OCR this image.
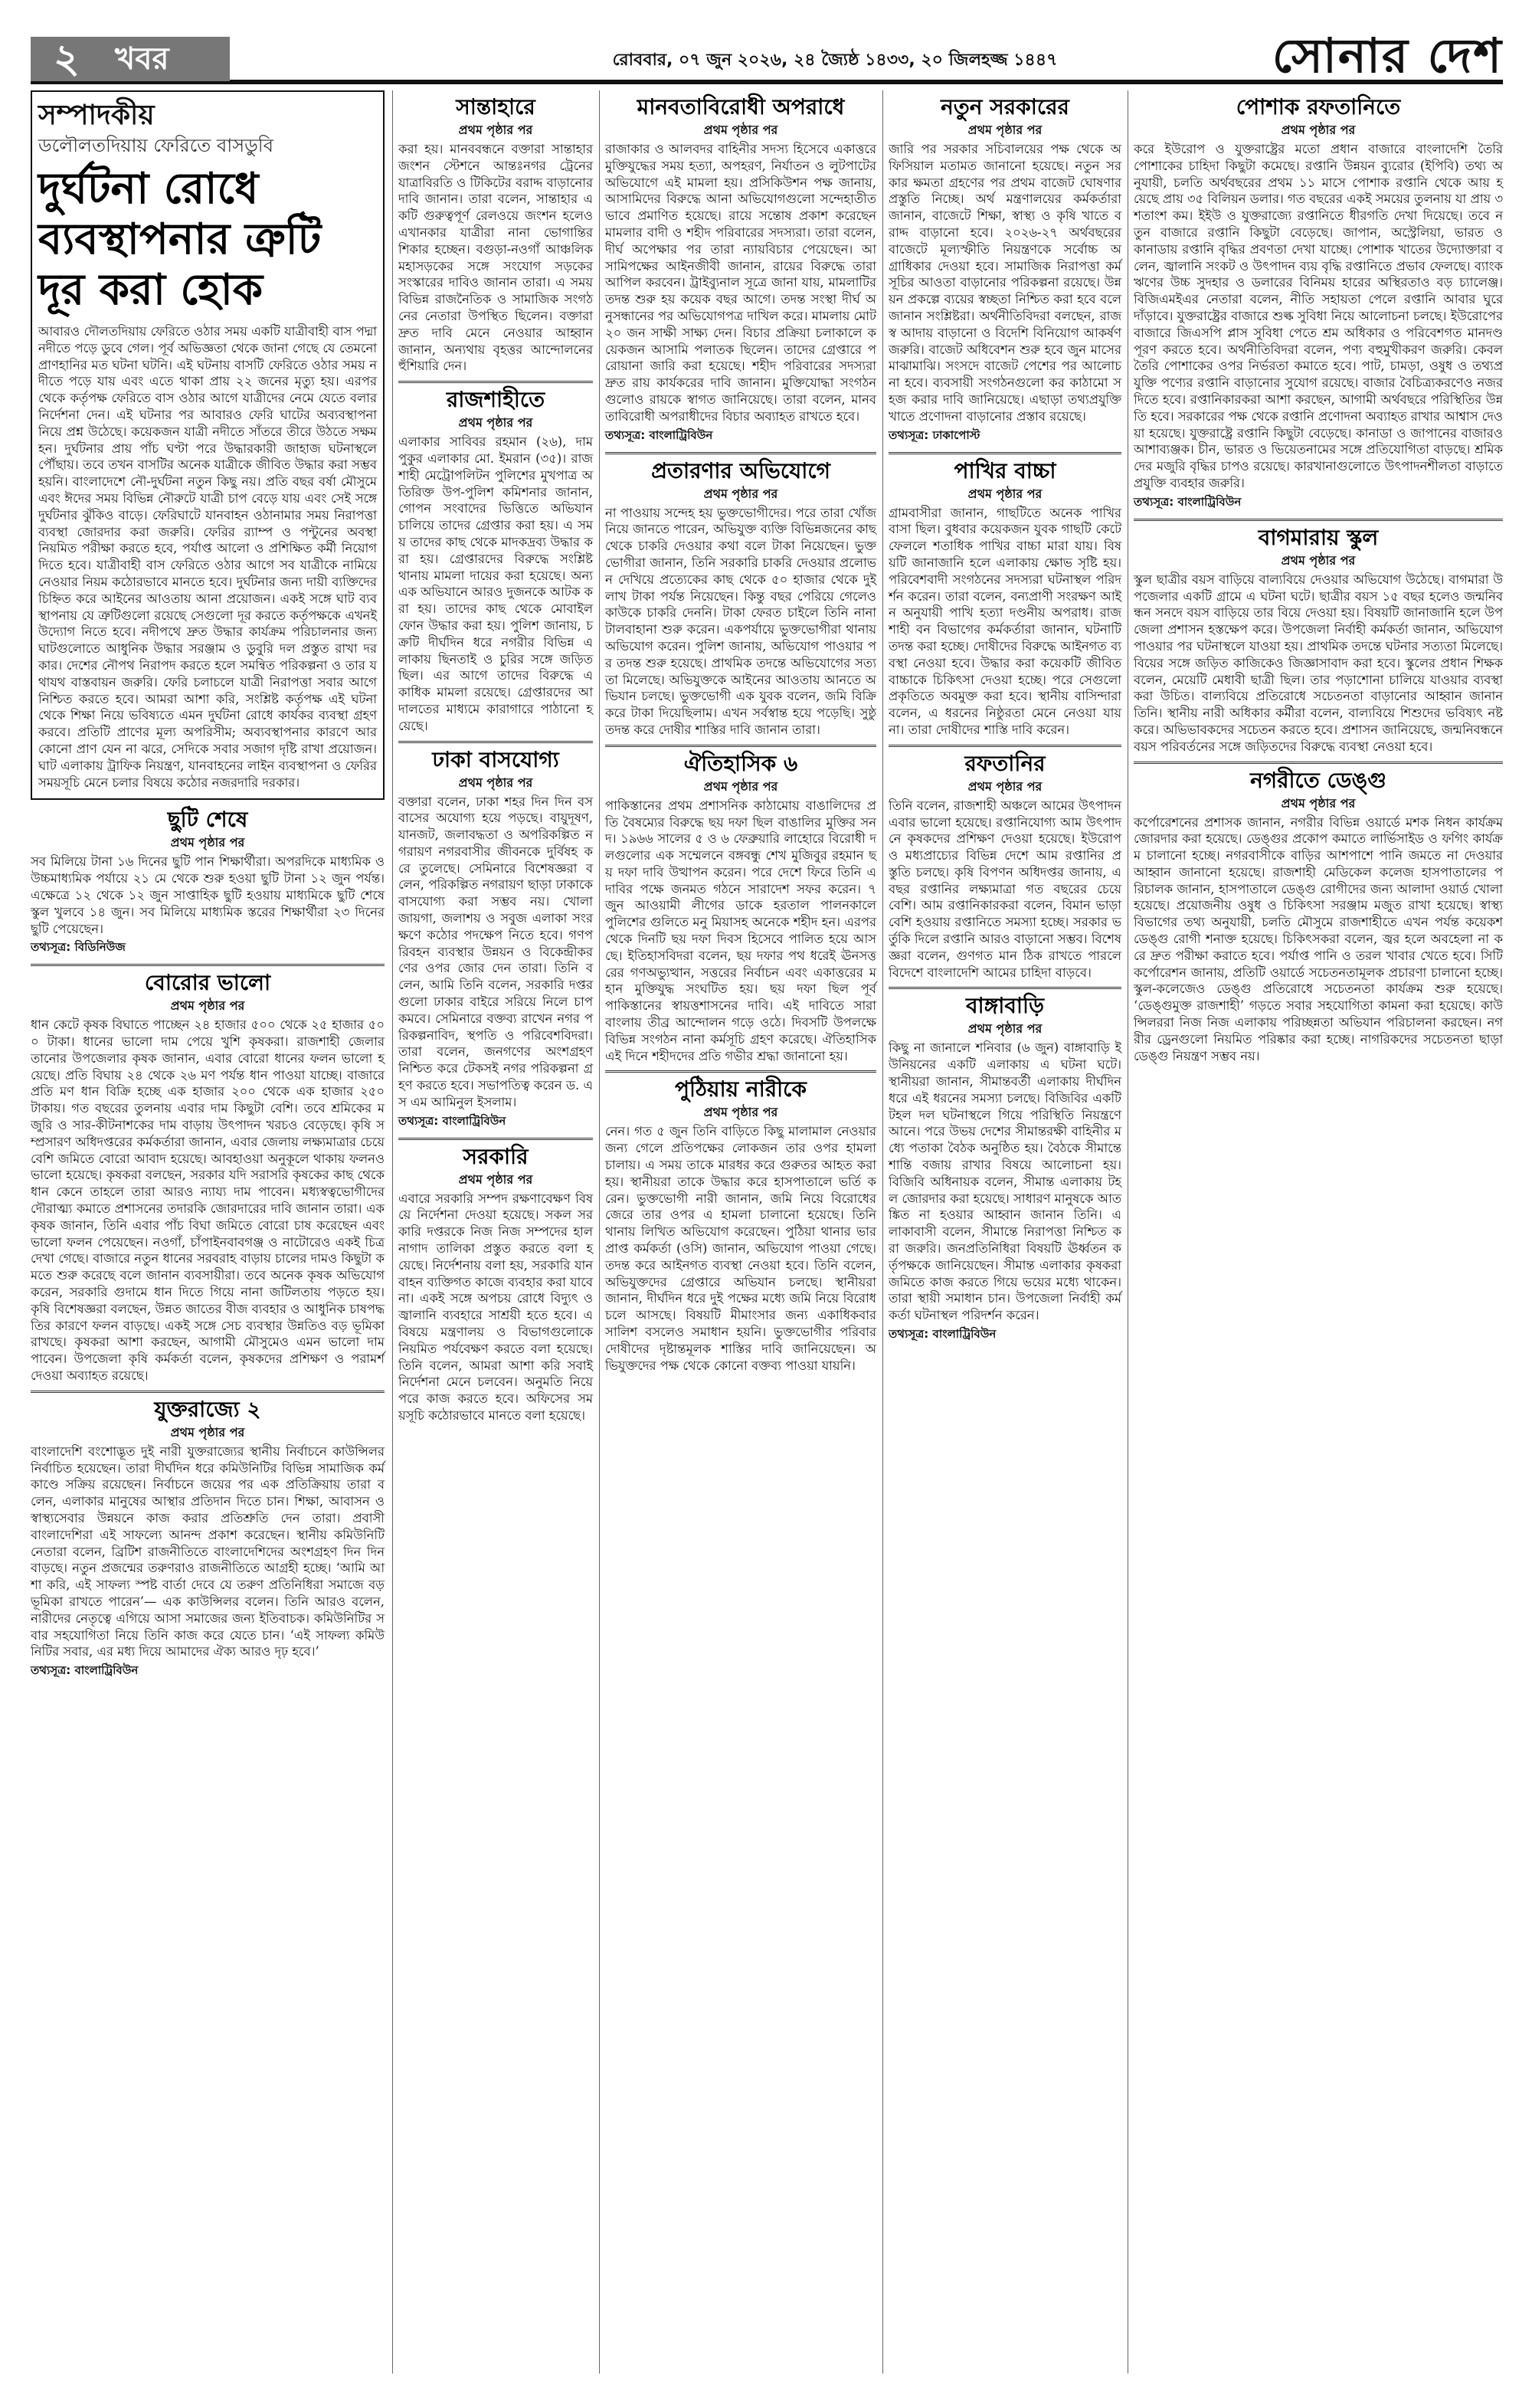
২ খবর	রোববার, ০৭ জুন ২০২৬, ২৪ জ্যৈষ্ঠ ১৪৩৩, ২০ জিলহজ্জ ১৪৪৭	সোনার দেশ
সম্পাদকীয়
ডলৌলতদিয়ায় ফেরিতে বাসডুবি
দুর্ঘটনা রোধে ব্যবস্থাপনার ত্রুটি দূর করা হোক
আবারও দৌলতদিয়ায় ফেরিতে ওঠার সময় একটি যাত্রীবাহী বাস পদ্মা নদীতে পড়ে ডুবে গেল। পূর্ব অভিজ্ঞতা থেকে জানা গেছে যে তেমনো প্রাণহানির মত ঘটনা ঘটনি। এই ঘটনায় বাসটি ফেরিতে ওঠার সময় নদীতে পড়ে যায় এবং এতে থাকা প্রায় ২২ জনের মৃত্যু হয়। এরপর থেকে কর্তৃপক্ষ ফেরিতে বাস ওঠার আগে যাত্রীদের নেমে যেতে বলার নির্দেশনা দেন। এই ঘটনার পর আবারও ফেরি ঘাটের অব্যবস্থাপনা নিয়ে প্রশ্ন উঠেছে। কয়েকজন যাত্রী নদীতে সাঁতরে তীরে উঠতে সক্ষম হন। দুর্ঘটনার প্রায় পাঁচ ঘণ্টা পরে উদ্ধারকারী জাহাজ ঘটনাস্থলে পৌঁছায়। তবে তখন বাসটির অনেক যাত্রীকে জীবিত উদ্ধার করা সম্ভব হয়নি। বাংলাদেশে নৌ-দুর্ঘটনা নতুন কিছু নয়। প্রতি বছর বর্ষা মৌসুমে এবং ঈদের সময় বিভিন্ন নৌরুটে যাত্রী চাপ বেড়ে যায় এবং সেই সঙ্গে দুর্ঘটনার ঝুঁকিও বাড়ে। ফেরিঘাটে যানবাহন ওঠানামার সময় নিরাপত্তা ব্যবস্থা জোরদার করা জরুরি। ফেরির র‍্যাম্প ও পন্টুনের অবস্থা নিয়মিত পরীক্ষা করতে হবে, পর্যাপ্ত আলো ও প্রশিক্ষিত কর্মী নিয়োগ দিতে হবে। যাত্রীবাহী বাস ফেরিতে ওঠার আগে সব যাত্রীকে নামিয়ে নেওয়ার নিয়ম কঠোরভাবে মানতে হবে। দুর্ঘটনার জন্য দায়ী ব্যক্তিদের চিহ্নিত করে আইনের আওতায় আনা প্রয়োজন। একই সঙ্গে ঘাট ব্যবস্থাপনায় যে ত্রুটিগুলো রয়েছে সেগুলো দূর করতে কর্তৃপক্ষকে এখনই উদ্যোগ নিতে হবে। নদীপথে দ্রুত উদ্ধার কার্যক্রম পরিচালনার জন্য ঘাটগুলোতে আধুনিক উদ্ধার সরঞ্জাম ও ডুবুরি দল প্রস্তুত রাখা দরকার। দেশের নৌপথ নিরাপদ করতে হলে সমন্বিত পরিকল্পনা ও তার যথাযথ বাস্তবায়ন জরুরি। ফেরি চলাচলে যাত্রী নিরাপত্তা সবার আগে নিশ্চিত করতে হবে। আমরা আশা করি, সংশ্লিষ্ট কর্তৃপক্ষ এই ঘটনা থেকে শিক্ষা নিয়ে ভবিষ্যতে এমন দুর্ঘটনা রোধে কার্যকর ব্যবস্থা গ্রহণ করবে। প্রতিটি প্রাণের মূল্য অপরিসীম; অব্যবস্থাপনার কারণে আর কোনো প্রাণ যেন না ঝরে, সেদিকে সবার সজাগ দৃষ্টি রাখা প্রয়োজন। ঘাট এলাকায় ট্রাফিক নিয়ন্ত্রণ, যানবাহনের লাইন ব্যবস্থাপনা ও ফেরির সময়সূচি মেনে চলার বিষয়ে কঠোর নজরদারি দরকার।
ছুটি শেষে
প্রথম পৃষ্ঠার পর
সব মিলিয়ে টানা ১৬ দিনের ছুটি পান শিক্ষার্থীরা। অপরদিকে মাধ্যমিক ও উচ্চমাধ্যমিক পর্যায়ে ২১ মে থেকে শুরু হওয়া ছুটি টানা ১২ জুন পর্যন্ত। এক্ষেত্রে ১২ থেকে ১২ জুন সাপ্তাহিক ছুটি হওয়ায় মাধ্যমিকে ছুটি শেষে স্কুল খুলবে ১৪ জুন। সব মিলিয়ে মাধ্যমিক স্তরের শিক্ষার্থীরা ২৩ দিনের ছুটি পেয়েছেন।
তথ্যসূত্র: বিডিনিউজ
বোরোর ভালো
প্রথম পৃষ্ঠার পর
ধান কেটে কৃষক বিঘাতে পাচ্ছেন ২৪ হাজার ৫০০ থেকে ২৫ হাজার ৫০০ টাকা। ধানের ভালো দাম পেয়ে খুশি কৃষকরা। রাজশাহী জেলার তানোর উপজেলার কৃষক জানান, এবার বোরো ধানের ফলন ভালো হয়েছে। প্রতি বিঘায় ২৪ থেকে ২৬ মণ পর্যন্ত ধান পাওয়া যাচ্ছে। বাজারে প্রতি মণ ধান বিক্রি হচ্ছে এক হাজার ২০০ থেকে এক হাজার ২৫০ টাকায়। গত বছরের তুলনায় এবার দাম কিছুটা বেশি। তবে শ্রমিকের মজুরি ও সার-কীটনাশকের দাম বাড়ায় উৎপাদন খরচও বেড়েছে। কৃষি সম্প্রসারণ অধিদপ্তরের কর্মকর্তারা জানান, এবার জেলায় লক্ষ্যমাত্রার চেয়ে বেশি জমিতে বোরো আবাদ হয়েছে। আবহাওয়া অনুকূলে থাকায় ফলনও ভালো হয়েছে। কৃষকরা বলছেন, সরকার যদি সরাসরি কৃষকের কাছ থেকে ধান কেনে তাহলে তারা আরও ন্যায্য দাম পাবেন। মধ্যস্বত্বভোগীদের দৌরাত্ম্য কমাতে প্রশাসনের তদারকি জোরদারের দাবি জানান তারা। এক কৃষক জানান, তিনি এবার পাঁচ বিঘা জমিতে বোরো চাষ করেছেন এবং ভালো ফলন পেয়েছেন। নওগাঁ, চাঁপাইনবাবগঞ্জ ও নাটোরেও একই চিত্র দেখা গেছে। বাজারে নতুন ধানের সরবরাহ বাড়ায় চালের দামও কিছুটা কমতে শুরু করেছে বলে জানান ব্যবসায়ীরা। তবে অনেক কৃষক অভিযোগ করেন, সরকারি গুদামে ধান দিতে গিয়ে নানা জটিলতায় পড়তে হয়। কৃষি বিশেষজ্ঞরা বলছেন, উন্নত জাতের বীজ ব্যবহার ও আধুনিক চাষপদ্ধতির কারণে ফলন বাড়ছে। একই সঙ্গে সেচ ব্যবস্থার উন্নতিও বড় ভূমিকা রাখছে। কৃষকরা আশা করছেন, আগামী মৌসুমেও এমন ভালো দাম পাবেন। উপজেলা কৃষি কর্মকর্তা বলেন, কৃষকদের প্রশিক্ষণ ও পরামর্শ দেওয়া অব্যাহত রয়েছে।
যুক্তরাজ্যে ২
প্রথম পৃষ্ঠার পর
বাংলাদেশি বংশোদ্ভূত দুই নারী যুক্তরাজ্যের স্থানীয় নির্বাচনে কাউন্সিলর নির্বাচিত হয়েছেন। তারা দীর্ঘদিন ধরে কমিউনিটির বিভিন্ন সামাজিক কর্মকাণ্ডে সক্রিয় রয়েছেন। নির্বাচনে জয়ের পর এক প্রতিক্রিয়ায় তারা বলেন, এলাকার মানুষের আস্থার প্রতিদান দিতে চান। শিক্ষা, আবাসন ও স্বাস্থ্যসেবার উন্নয়নে কাজ করার প্রতিশ্রুতি দেন তারা। প্রবাসী বাংলাদেশিরা এই সাফল্যে আনন্দ প্রকাশ করেছেন। স্থানীয় কমিউনিটি নেতারা বলেন, ব্রিটিশ রাজনীতিতে বাংলাদেশিদের অংশগ্রহণ দিন দিন বাড়ছে। নতুন প্রজন্মের তরুণরাও রাজনীতিতে আগ্রহী হচ্ছে। ‘আমি আশা করি, এই সাফল্য স্পষ্ট বার্তা দেবে যে তরুণ প্রতিনিধিরা সমাজে বড় ভূমিকা রাখতে পারেন’— এক কাউন্সিলর বলেন। তিনি আরও বলেন, নারীদের নেতৃত্বে এগিয়ে আসা সমাজের জন্য ইতিবাচক। কমিউনিটির সবার সহযোগিতা নিয়ে তিনি কাজ করে যেতে চান। ‘এই সাফল্য কমিউনিটির সবার, এর মধ্য দিয়ে আমাদের ঐক্য আরও দৃঢ় হবে।’
তথ্যসূত্র: বাংলাট্রিবিউন
সান্তাহারে
প্রথম পৃষ্ঠার পর
করা হয়। মানববন্ধনে বক্তারা সান্তাহার জংশন স্টেশনে আন্তঃনগর ট্রেনের যাত্রাবিরতি ও টিকিটের বরাদ্দ বাড়ানোর দাবি জানান। তারা বলেন, সান্তাহার একটি গুরুত্বপূর্ণ রেলওয়ে জংশন হলেও এখানকার যাত্রীরা নানা ভোগান্তির শিকার হচ্ছেন। বগুড়া-নওগাঁ আঞ্চলিক মহাসড়কের সঙ্গে সংযোগ সড়কের সংস্কারের দাবিও জানান তারা। এ সময় বিভিন্ন রাজনৈতিক ও সামাজিক সংগঠনের নেতারা উপস্থিত ছিলেন। বক্তারা দ্রুত দাবি মেনে নেওয়ার আহ্বান জানান, অন্যথায় বৃহত্তর আন্দোলনের হুঁশিয়ারি দেন।
রাজশাহীতে
প্রথম পৃষ্ঠার পর
এলাকার সাবিবর রহমান (২৬), দামপুকুর এলাকার মো. ইমরান (৩৫)। রাজশাহী মেট্রোপলিটন পুলিশের মুখপাত্র অতিরিক্ত উপ-পুলিশ কমিশনার জানান, গোপন সংবাদের ভিত্তিতে অভিযান চালিয়ে তাদের গ্রেপ্তার করা হয়। এ সময় তাদের কাছ থেকে মাদকদ্রব্য উদ্ধার করা হয়। গ্রেপ্তারদের বিরুদ্ধে সংশ্লিষ্ট থানায় মামলা দায়ের করা হয়েছে। অন্য এক অভিযানে আরও দুজনকে আটক করা হয়। তাদের কাছ থেকে মোবাইল ফোন উদ্ধার করা হয়। পুলিশ জানায়, চক্রটি দীর্ঘদিন ধরে নগরীর বিভিন্ন এলাকায় ছিনতাই ও চুরির সঙ্গে জড়িত ছিল। এর আগে তাদের বিরুদ্ধে একাধিক মামলা রয়েছে। গ্রেপ্তারদের আদালতের মাধ্যমে কারাগারে পাঠানো হয়েছে।
ঢাকা বাসযোগ্য
প্রথম পৃষ্ঠার পর
বক্তারা বলেন, ঢাকা শহর দিন দিন বসবাসের অযোগ্য হয়ে পড়ছে। বায়ুদূষণ, যানজট, জলাবদ্ধতা ও অপরিকল্পিত নগরায়ণ নগরবাসীর জীবনকে দুর্বিষহ করে তুলেছে। সেমিনারে বিশেষজ্ঞরা বলেন, পরিকল্পিত নগরায়ণ ছাড়া ঢাকাকে বাসযোগ্য করা সম্ভব নয়। খোলা জায়গা, জলাশয় ও সবুজ এলাকা সংরক্ষণে কঠোর পদক্ষেপ নিতে হবে। গণপরিবহন ব্যবস্থার উন্নয়ন ও বিকেন্দ্রীকরণের ওপর জোর দেন তারা। তিনি বলেন, আমি তিনি বলেন, সরকারি দপ্তরগুলো ঢাকার বাইরে সরিয়ে নিলে চাপ কমবে। সেমিনারে বক্তব্য রাখেন নগর পরিকল্পনাবিদ, স্থপতি ও পরিবেশবিদরা। তারা বলেন, জনগণের অংশগ্রহণ নিশ্চিত করে টেকসই নগর পরিকল্পনা গ্রহণ করতে হবে। সভাপতিত্ব করেন ড. এস এম আমিনুল ইসলাম।
তথ্যসূত্র: বাংলাট্রিবিউন
সরকারি
প্রথম পৃষ্ঠার পর
এবারে সরকারি সম্পদ রক্ষণাবেক্ষণ বিষয়ে নির্দেশনা দেওয়া হয়েছে। সকল সরকারি দপ্তরকে নিজ নিজ সম্পদের হালনাগাদ তালিকা প্রস্তুত করতে বলা হয়েছে। নির্দেশনায় বলা হয়, সরকারি যানবাহন ব্যক্তিগত কাজে ব্যবহার করা যাবে না। একই সঙ্গে অপচয় রোধে বিদ্যুৎ ও জ্বালানি ব্যবহারে সাশ্রয়ী হতে হবে। এ বিষয়ে মন্ত্রণালয় ও বিভাগগুলোকে নিয়মিত পর্যবেক্ষণ করতে বলা হয়েছে। তিনি বলেন, আমরা আশা করি সবাই নির্দেশনা মেনে চলবেন। অনুমতি নিয়ে পরে কাজ করতে হবে। অফিসের সময়সূচি কঠোরভাবে মানতে বলা হয়েছে।
মানবতাবিরোধী অপরাধে
প্রথম পৃষ্ঠার পর
রাজাকার ও আলবদর বাহিনীর সদস্য হিসেবে একাত্তরে মুক্তিযুদ্ধের সময় হত্যা, অপহরণ, নির্যাতন ও লুটপাটের অভিযোগে এই মামলা হয়। প্রসিকিউশন পক্ষ জানায়, আসামিদের বিরুদ্ধে আনা অভিযোগগুলো সন্দেহাতীতভাবে প্রমাণিত হয়েছে। রায়ে সন্তোষ প্রকাশ করেছেন মামলার বাদী ও শহীদ পরিবারের সদস্যরা। তারা বলেন, দীর্ঘ অপেক্ষার পর তারা ন্যায়বিচার পেয়েছেন। আসামিপক্ষের আইনজীবী জানান, রায়ের বিরুদ্ধে তারা আপিল করবেন। ট্রাইব্যুনাল সূত্রে জানা যায়, মামলাটির তদন্ত শুরু হয় কয়েক বছর আগে। তদন্ত সংস্থা দীর্ঘ অনুসন্ধানের পর অভিযোগপত্র দাখিল করে। মামলায় মোট ২০ জন সাক্ষী সাক্ষ্য দেন। বিচার প্রক্রিয়া চলাকালে কয়েকজন আসামি পলাতক ছিলেন। তাদের গ্রেপ্তারে পরোয়ানা জারি করা হয়েছে। শহীদ পরিবারের সদস্যরা দ্রুত রায় কার্যকরের দাবি জানান। মুক্তিযোদ্ধা সংগঠনগুলোও রায়কে স্বাগত জানিয়েছে। তারা বলেন, মানবতাবিরোধী অপরাধীদের বিচার অব্যাহত রাখতে হবে।
তথ্যসূত্র: বাংলাট্রিবিউন
প্রতারণার অভিযোগে
প্রথম পৃষ্ঠার পর
না পাওয়ায় সন্দেহ হয় ভুক্তভোগীদের। পরে তারা খোঁজ নিয়ে জানতে পারেন, অভিযুক্ত ব্যক্তি বিভিন্নজনের কাছ থেকে চাকরি দেওয়ার কথা বলে টাকা নিয়েছেন। ভুক্তভোগীরা জানান, তিনি সরকারি চাকরি দেওয়ার প্রলোভন দেখিয়ে প্রত্যেকের কাছ থেকে ৫০ হাজার থেকে দুই লাখ টাকা পর্যন্ত নিয়েছেন। কিন্তু বছর পেরিয়ে গেলেও কাউকে চাকরি দেননি। টাকা ফেরত চাইলে তিনি নানা টালবাহানা শুরু করেন। একপর্যায়ে ভুক্তভোগীরা থানায় অভিযোগ করেন। পুলিশ জানায়, অভিযোগ পাওয়ার পর তদন্ত শুরু হয়েছে। প্রাথমিক তদন্তে অভিযোগের সত্যতা মিলেছে। অভিযুক্তকে আইনের আওতায় আনতে অভিযান চলছে। ভুক্তভোগী এক যুবক বলেন, জমি বিক্রি করে টাকা দিয়েছিলাম। এখন সর্বস্বান্ত হয়ে পড়েছি। সুষ্ঠু তদন্ত করে দোষীর শাস্তির দাবি জানান তারা।
ঐতিহাসিক ৬
প্রথম পৃষ্ঠার পর
পাকিস্তানের প্রথম প্রশাসনিক কাঠামোয় বাঙালিদের প্রতি বৈষম্যের বিরুদ্ধে ছয় দফা ছিল বাঙালির মুক্তির সনদ। ১৯৬৬ সালের ৫ ও ৬ ফেব্রুয়ারি লাহোরে বিরোধী দলগুলোর এক সম্মেলনে বঙ্গবন্ধু শেখ মুজিবুর রহমান ছয় দফা দাবি উত্থাপন করেন। পরে দেশে ফিরে তিনি এ দাবির পক্ষে জনমত গঠনে সারাদেশ সফর করেন। ৭ জুন আওয়ামী লীগের ডাকে হরতাল পালনকালে পুলিশের গুলিতে মনু মিয়াসহ অনেকে শহীদ হন। এরপর থেকে দিনটি ছয় দফা দিবস হিসেবে পালিত হয়ে আসছে। ইতিহাসবিদরা বলেন, ছয় দফার পথ ধরেই ঊনসত্তরের গণঅভ্যুত্থান, সত্তরের নির্বাচন এবং একাত্তরের মহান মুক্তিযুদ্ধ সংঘটিত হয়। ছয় দফা ছিল পূর্ব পাকিস্তানের স্বায়ত্তশাসনের দাবি। এই দাবিতে সারা বাংলায় তীব্র আন্দোলন গড়ে ওঠে। দিবসটি উপলক্ষে বিভিন্ন সংগঠন নানা কর্মসূচি গ্রহণ করেছে। ঐতিহাসিক এই দিনে শহীদদের প্রতি গভীর শ্রদ্ধা জানানো হয়।
পুঠিয়ায় নারীকে
প্রথম পৃষ্ঠার পর
নেন। গত ৫ জুন তিনি বাড়িতে কিছু মালামাল নেওয়ার জন্য গেলে প্রতিপক্ষের লোকজন তার ওপর হামলা চালায়। এ সময় তাকে মারধর করে গুরুতর আহত করা হয়। স্থানীয়রা তাকে উদ্ধার করে হাসপাতালে ভর্তি করেন। ভুক্তভোগী নারী জানান, জমি নিয়ে বিরোধের জেরে তার ওপর এ হামলা চালানো হয়েছে। তিনি থানায় লিখিত অভিযোগ করেছেন। পুঠিয়া থানার ভারপ্রাপ্ত কর্মকর্তা (ওসি) জানান, অভিযোগ পাওয়া গেছে। তদন্ত করে আইনগত ব্যবস্থা নেওয়া হবে। তিনি বলেন, অভিযুক্তদের গ্রেপ্তারে অভিযান চলছে। স্থানীয়রা জানান, দীর্ঘদিন ধরে দুই পক্ষের মধ্যে জমি নিয়ে বিরোধ চলে আসছে। বিষয়টি মীমাংসার জন্য একাধিকবার সালিশ বসলেও সমাধান হয়নি। ভুক্তভোগীর পরিবার দোষীদের দৃষ্টান্তমূলক শাস্তির দাবি জানিয়েছেন। অভিযুক্তদের পক্ষ থেকে কোনো বক্তব্য পাওয়া যায়নি।
নতুন সরকারের
প্রথম পৃষ্ঠার পর
জারি পর সরকার সচিবালয়ের পক্ষ থেকে অফিসিয়াল মতামত জানানো হয়েছে। নতুন সরকার ক্ষমতা গ্রহণের পর প্রথম বাজেট ঘোষণার প্রস্তুতি নিচ্ছে। অর্থ মন্ত্রণালয়ের কর্মকর্তারা জানান, বাজেটে শিক্ষা, স্বাস্থ্য ও কৃষি খাতে বরাদ্দ বাড়ানো হবে। ২০২৬-২৭ অর্থবছরের বাজেটে মূল্যস্ফীতি নিয়ন্ত্রণকে সর্বোচ্চ অগ্রাধিকার দেওয়া হবে। সামাজিক নিরাপত্তা কর্মসূচির আওতা বাড়ানোর পরিকল্পনা রয়েছে। উন্নয়ন প্রকল্পে ব্যয়ের স্বচ্ছতা নিশ্চিত করা হবে বলে জানান সংশ্লিষ্টরা। অর্থনীতিবিদরা বলছেন, রাজস্ব আদায় বাড়ানো ও বিদেশি বিনিয়োগ আকর্ষণ জরুরি। বাজেট অধিবেশন শুরু হবে জুন মাসের মাঝামাঝি। সংসদে বাজেট পেশের পর আলোচনা হবে। ব্যবসায়ী সংগঠনগুলো কর কাঠামো সহজ করার দাবি জানিয়েছে। এছাড়া তথ্যপ্রযুক্তি খাতে প্রণোদনা বাড়ানোর প্রস্তাব রয়েছে।
তথ্যসূত্র: ঢাকাপোস্ট
পাখির বাচ্চা
প্রথম পৃষ্ঠার পর
গ্রামবাসীরা জানান, গাছটিতে অনেক পাখির বাসা ছিল। বুধবার কয়েকজন যুবক গাছটি কেটে ফেললে শতাধিক পাখির বাচ্চা মারা যায়। বিষয়টি জানাজানি হলে এলাকায় ক্ষোভ সৃষ্টি হয়। পরিবেশবাদী সংগঠনের সদস্যরা ঘটনাস্থল পরিদর্শন করেন। তারা বলেন, বন্যপ্রাণী সংরক্ষণ আইন অনুযায়ী পাখি হত্যা দণ্ডনীয় অপরাধ। রাজশাহী বন বিভাগের কর্মকর্তারা জানান, ঘটনাটি তদন্ত করা হচ্ছে। দোষীদের বিরুদ্ধে আইনগত ব্যবস্থা নেওয়া হবে। উদ্ধার করা কয়েকটি জীবিত বাচ্চাকে চিকিৎসা দেওয়া হচ্ছে। পরে সেগুলো প্রকৃতিতে অবমুক্ত করা হবে। স্থানীয় বাসিন্দারা বলেন, এ ধরনের নিষ্ঠুরতা মেনে নেওয়া যায় না। তারা দোষীদের শাস্তি দাবি করেন।
রফতানির
প্রথম পৃষ্ঠার পর
তিনি বলেন, রাজশাহী অঞ্চলে আমের উৎপাদন এবার ভালো হয়েছে। রপ্তানিযোগ্য আম উৎপাদনে কৃষকদের প্রশিক্ষণ দেওয়া হয়েছে। ইউরোপ ও মধ্যপ্রাচ্যের বিভিন্ন দেশে আম রপ্তানির প্রস্তুতি চলছে। কৃষি বিপণন অধিদপ্তর জানায়, এ বছর রপ্তানির লক্ষ্যমাত্রা গত বছরের চেয়ে বেশি। আম রপ্তানিকারকরা বলেন, বিমান ভাড়া বেশি হওয়ায় রপ্তানিতে সমস্যা হচ্ছে। সরকার ভর্তুকি দিলে রপ্তানি আরও বাড়ানো সম্ভব। বিশেষজ্ঞরা বলেন, গুণগত মান ঠিক রাখতে পারলে বিদেশে বাংলাদেশি আমের চাহিদা বাড়বে।
বাঙ্গাবাড়ি
প্রথম পৃষ্ঠার পর
কিছু না জানালে শনিবার (৬ জুন) বাঙ্গাবাড়ি ইউনিয়নের একটি এলাকায় এ ঘটনা ঘটে। স্থানীয়রা জানান, সীমান্তবর্তী এলাকায় দীর্ঘদিন ধরে এই ধরনের সমস্যা চলছে। বিজিবির একটি টহল দল ঘটনাস্থলে গিয়ে পরিস্থিতি নিয়ন্ত্রণে আনে। পরে উভয় দেশের সীমান্তরক্ষী বাহিনীর মধ্যে পতাকা বৈঠক অনুষ্ঠিত হয়। বৈঠকে সীমান্তে শান্তি বজায় রাখার বিষয়ে আলোচনা হয়। বিজিবি অধিনায়ক বলেন, সীমান্ত এলাকায় টহল জোরদার করা হয়েছে। সাধারণ মানুষকে আতঙ্কিত না হওয়ার আহ্বান জানান তিনি। এলাকাবাসী বলেন, সীমান্তে নিরাপত্তা নিশ্চিত করা জরুরি। জনপ্রতিনিধিরা বিষয়টি ঊর্ধ্বতন কর্তৃপক্ষকে জানিয়েছেন। সীমান্ত এলাকার কৃষকরা জমিতে কাজ করতে গিয়ে ভয়ের মধ্যে থাকেন। তারা স্থায়ী সমাধান চান। উপজেলা নির্বাহী কর্মকর্তা ঘটনাস্থল পরিদর্শন করেন।
তথ্যসূত্র: বাংলাট্রিবিউন
পোশাক রফতানিতে
প্রথম পৃষ্ঠার পর
করে ইউরোপ ও যুক্তরাষ্ট্রের মতো প্রধান বাজারে বাংলাদেশি তৈরি পোশাকের চাহিদা কিছুটা কমেছে। রপ্তানি উন্নয়ন ব্যুরোর (ইপিবি) তথ্য অনুযায়ী, চলতি অর্থবছরের প্রথম ১১ মাসে পোশাক রপ্তানি থেকে আয় হয়েছে প্রায় ৩৫ বিলিয়ন ডলার। গত বছরের একই সময়ের তুলনায় যা প্রায় ৩ শতাংশ কম। ইইউ ও যুক্তরাজ্যে রপ্তানিতে ধীরগতি দেখা দিয়েছে। তবে নতুন বাজারে রপ্তানি কিছুটা বেড়েছে। জাপান, অস্ট্রেলিয়া, ভারত ও কানাডায় রপ্তানি বৃদ্ধির প্রবণতা দেখা যাচ্ছে। পোশাক খাতের উদ্যোক্তারা বলেন, জ্বালানি সংকট ও উৎপাদন ব্যয় বৃদ্ধি রপ্তানিতে প্রভাব ফেলছে। ব্যাংক ঋণের উচ্চ সুদহার ও ডলারের বিনিময় হারের অস্থিরতাও বড় চ্যালেঞ্জ। বিজিএমইএর নেতারা বলেন, নীতি সহায়তা পেলে রপ্তানি আবার ঘুরে দাঁড়াবে। যুক্তরাষ্ট্রের বাজারে শুল্ক সুবিধা নিয়ে আলোচনা চলছে। ইউরোপের বাজারে জিএসপি প্লাস সুবিধা পেতে শ্রম অধিকার ও পরিবেশগত মানদণ্ড পূরণ করতে হবে। অর্থনীতিবিদরা বলেন, পণ্য বহুমুখীকরণ জরুরি। কেবল তৈরি পোশাকের ওপর নির্ভরতা কমাতে হবে। পাট, চামড়া, ওষুধ ও তথ্যপ্রযুক্তি পণ্যের রপ্তানি বাড়ানোর সুযোগ রয়েছে। বাজার বৈচিত্র্যকরণেও নজর দিতে হবে। রপ্তানিকারকরা আশা করছেন, আগামী অর্থবছরে পরিস্থিতির উন্নতি হবে। সরকারের পক্ষ থেকে রপ্তানি প্রণোদনা অব্যাহত রাখার আশ্বাস দেওয়া হয়েছে। যুক্তরাষ্ট্রে রপ্তানি কিছুটা বেড়েছে। কানাডা ও জাপানের বাজারও আশাব্যঞ্জক। চীন, ভারত ও ভিয়েতনামের সঙ্গে প্রতিযোগিতা বাড়ছে। শ্রমিকদের মজুরি বৃদ্ধির চাপও রয়েছে। কারখানাগুলোতে উৎপাদনশীলতা বাড়াতে প্রযুক্তি ব্যবহার জরুরি।
তথ্যসূত্র: বাংলাট্রিবিউন
বাগমারায় স্কুল
প্রথম পৃষ্ঠার পর
স্কুল ছাত্রীর বয়স বাড়িয়ে বাল্যবিয়ে দেওয়ার অভিযোগ উঠেছে। বাগমারা উপজেলার একটি গ্রামে এ ঘটনা ঘটে। ছাত্রীর বয়স ১৫ বছর হলেও জন্মনিবন্ধন সনদে বয়স বাড়িয়ে তার বিয়ে দেওয়া হয়। বিষয়টি জানাজানি হলে উপজেলা প্রশাসন হস্তক্ষেপ করে। উপজেলা নির্বাহী কর্মকর্তা জানান, অভিযোগ পাওয়ার পর ঘটনাস্থলে যাওয়া হয়। প্রাথমিক তদন্তে ঘটনার সত্যতা মিলেছে। বিয়ের সঙ্গে জড়িত কাজিকেও জিজ্ঞাসাবাদ করা হবে। স্কুলের প্রধান শিক্ষক বলেন, মেয়েটি মেধাবী ছাত্রী ছিল। তার পড়াশোনা চালিয়ে যাওয়ার ব্যবস্থা করা উচিত। বাল্যবিয়ে প্রতিরোধে সচেতনতা বাড়ানোর আহ্বান জানান তিনি। স্থানীয় নারী অধিকার কর্মীরা বলেন, বাল্যবিয়ে শিশুদের ভবিষ্যৎ নষ্ট করে। অভিভাবকদের সচেতন করতে হবে। প্রশাসন জানিয়েছে, জন্মনিবন্ধনে বয়স পরিবর্তনের সঙ্গে জড়িতদের বিরুদ্ধে ব্যবস্থা নেওয়া হবে।
নগরীতে ডেঙ্গু
প্রথম পৃষ্ঠার পর
কর্পোরেশনের প্রশাসক জানান, নগরীর বিভিন্ন ওয়ার্ডে মশক নিধন কার্যক্রম জোরদার করা হয়েছে। ডেঙ্গুর প্রকোপ কমাতে লার্ভিসাইড ও ফগিং কার্যক্রম চালানো হচ্ছে। নগরবাসীকে বাড়ির আশপাশে পানি জমতে না দেওয়ার আহ্বান জানানো হয়েছে। রাজশাহী মেডিকেল কলেজ হাসপাতালের পরিচালক জানান, হাসপাতালে ডেঙ্গু রোগীদের জন্য আলাদা ওয়ার্ড খোলা হয়েছে। প্রয়োজনীয় ওষুধ ও চিকিৎসা সরঞ্জাম মজুত রাখা হয়েছে। স্বাস্থ্য বিভাগের তথ্য অনুযায়ী, চলতি মৌসুমে রাজশাহীতে এখন পর্যন্ত কয়েকশ ডেঙ্গু রোগী শনাক্ত হয়েছে। চিকিৎসকরা বলেন, জ্বর হলে অবহেলা না করে দ্রুত পরীক্ষা করাতে হবে। পর্যাপ্ত পানি ও তরল খাবার খেতে হবে। সিটি কর্পোরেশন জানায়, প্রতিটি ওয়ার্ডে সচেতনতামূলক প্রচারণা চালানো হচ্ছে। স্কুল-কলেজেও ডেঙ্গু প্রতিরোধে সচেতনতা কার্যক্রম শুরু হয়েছে। ‘ডেঙ্গুমুক্ত রাজশাহী’ গড়তে সবার সহযোগিতা কামনা করা হয়েছে। কাউন্সিলররা নিজ নিজ এলাকায় পরিচ্ছন্নতা অভিযান পরিচালনা করছেন। নগরীর ড্রেনগুলো নিয়মিত পরিষ্কার করা হচ্ছে। নাগরিকদের সচেতনতা ছাড়া ডেঙ্গু নিয়ন্ত্রণ সম্ভব নয়।
